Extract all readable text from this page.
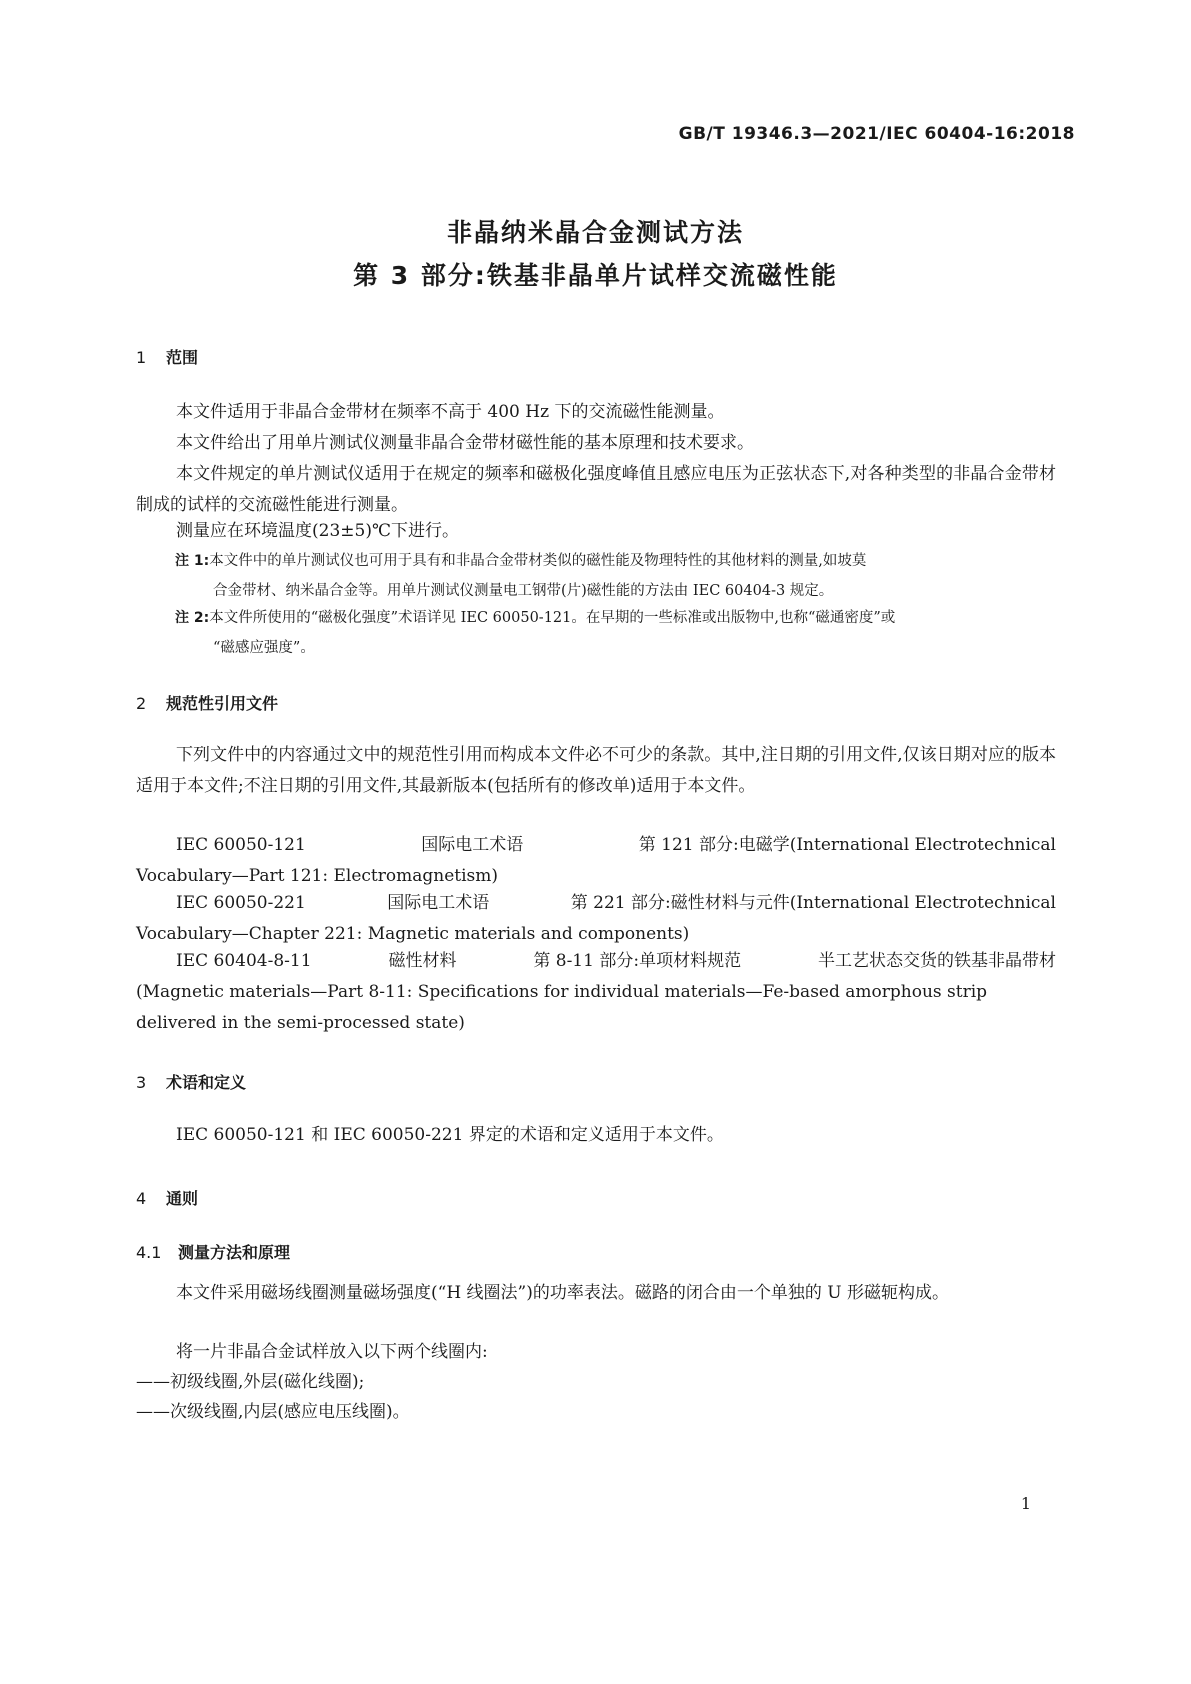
GB/T 19346.3—2021/IEC 60404-16:2018
非晶纳米晶合金测试方法
第 3 部分:铁基非晶单片试样交流磁性能
1 范围
本文件适用于非晶合金带材在频率不高于 400 Hz 下的交流磁性能测量。
本文件给出了用单片测试仪测量非晶合金带材磁性能的基本原理和技术要求。
本文件规定的单片测试仪适用于在规定的频率和磁极化强度峰值且感应电压为正弦状态下,对各种类型的非晶合金带材制成的试样的交流磁性能进行测量。
测量应在环境温度(23±5)℃下进行。
注 1:本文件中的单片测试仪也可用于具有和非晶合金带材类似的磁性能及物理特性的其他材料的测量,如坡莫
合金带材、纳米晶合金等。用单片测试仪测量电工钢带(片)磁性能的方法由 IEC 60404-3 规定。
注 2:本文件所使用的“磁极化强度”术语详见 IEC 60050-121。在早期的一些标准或出版物中,也称“磁通密度”或
“磁感应强度”。
2 规范性引用文件
下列文件中的内容通过文中的规范性引用而构成本文件必不可少的条款。其中,注日期的引用文件,仅该日期对应的版本适用于本文件;不注日期的引用文件,其最新版本(包括所有的修改单)适用于本文件。
IEC 60050-121	国际电工术语	第 121 部分:电磁学(International Electrotechnical
Vocabulary—Part 121: Electromagnetism)
IEC 60050-221	国际电工术语	第 221 部分:磁性材料与元件(International Electrotechnical
Vocabulary—Chapter 221: Magnetic materials and components)
IEC 60404-8-11	磁性材料	第 8-11 部分:单项材料规范	半工艺状态交货的铁基非晶带材
(Magnetic materials—Part 8-11: Specifications for individual materials—Fe-based amorphous strip
delivered in the semi-processed state)
3 术语和定义
IEC 60050-121 和 IEC 60050-221 界定的术语和定义适用于本文件。
4 通则
4.1 测量方法和原理
本文件采用磁场线圈测量磁场强度(“H 线圈法”)的功率表法。磁路的闭合由一个单独的 U 形磁轭构成。
将一片非晶合金试样放入以下两个线圈内:
——初级线圈,外层(磁化线圈);
——次级线圈,内层(感应电压线圈)。
1
